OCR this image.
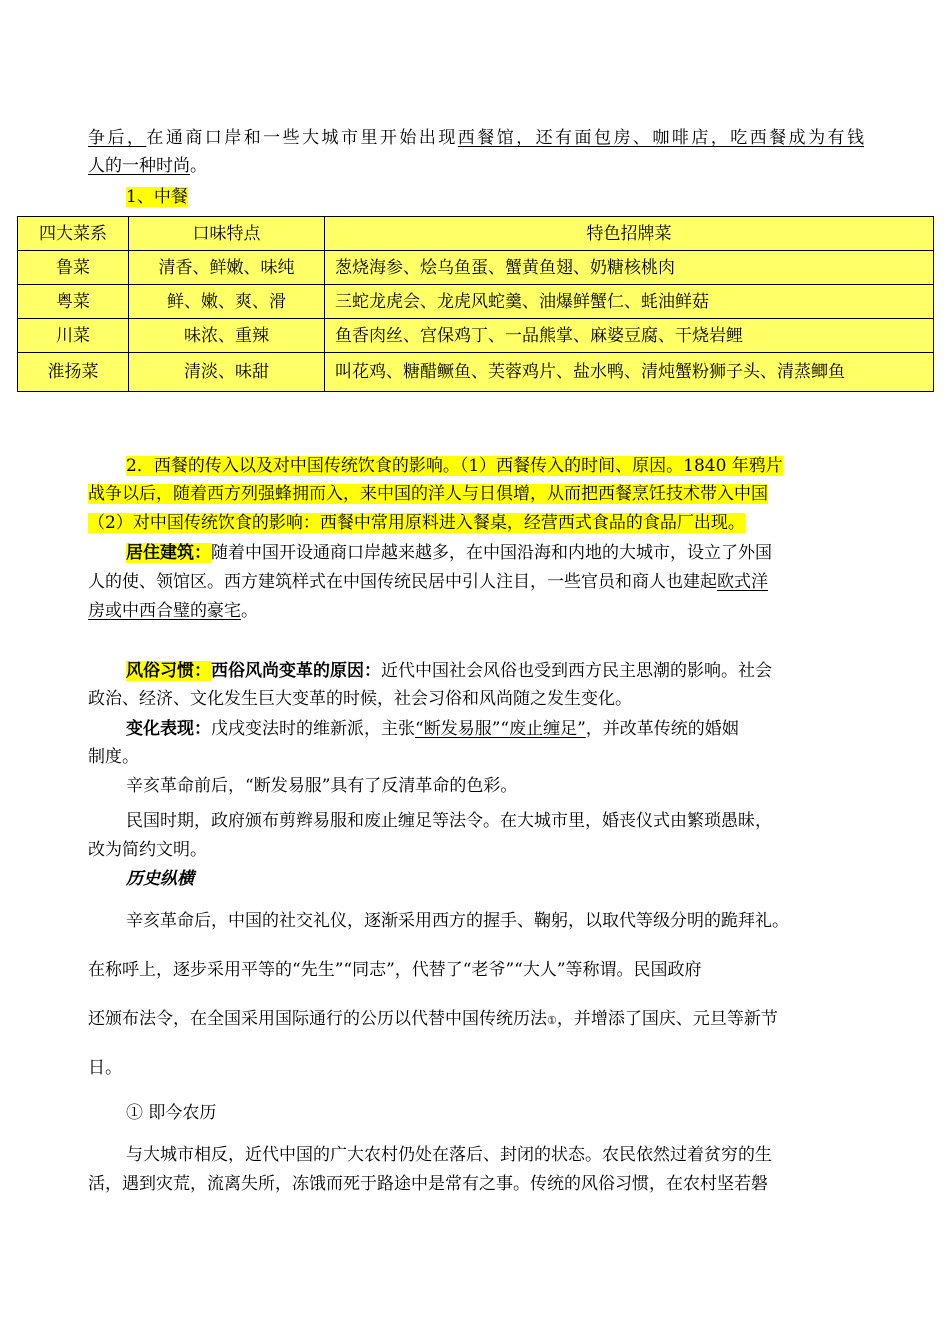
争后，在通商口岸和一些大城市里开始出现西餐馆，还有面包房、咖啡店，吃西餐成为有钱
人的一种时尚。
1、中餐
四大菜系	口味特点	特色招牌菜
鲁菜	清香、鲜嫩、味纯	葱烧海参、烩乌鱼蛋、蟹黄鱼翅、奶糖核桃肉
粤菜	鲜、嫩、爽、滑	三蛇龙虎会、龙虎风蛇羹、油爆鲜蟹仁、蚝油鲜菇
川菜	味浓、重辣	鱼香肉丝、宫保鸡丁、一品熊掌、麻婆豆腐、干烧岩鲤
淮扬菜	清淡、味甜	叫花鸡、糖醋鳜鱼、芙蓉鸡片、盐水鸭、清炖蟹粉狮子头、清蒸鲫鱼
2．西餐的传入以及对中国传统饮食的影响。（1）西餐传入的时间、原因。1840 年鸦片
战争以后，随着西方列强蜂拥而入，来中国的洋人与日俱增，从而把西餐烹饪技术带入中国
（2）对中国传统饮食的影响：西餐中常用原料进入餐桌，经营西式食品的食品厂出现。
居住建筑：随着中国开设通商口岸越来越多，在中国沿海和内地的大城市，设立了外国
人的使、领馆区。西方建筑样式在中国传统民居中引人注目，一些官员和商人也建起欧式洋
房或中西合璧的豪宅。
风俗习惯：西俗风尚变革的原因：近代中国社会风俗也受到西方民主思潮的影响。社会
政治、经济、文化发生巨大变革的时候，社会习俗和风尚随之发生变化。
变化表现：戊戌变法时的维新派，主张“断发易服”“废止缠足”，并改革传统的婚姻
制度。
辛亥革命前后，“断发易服”具有了反清革命的色彩。
民国时期，政府颁布剪辫易服和废止缠足等法令。在大城市里，婚丧仪式由繁琐愚昧，
改为简约文明。
历史纵横
辛亥革命后，中国的社交礼仪，逐渐采用西方的握手、鞠躬，以取代等级分明的跪拜礼。
在称呼上，逐步采用平等的“先生”“同志”，代替了“老爷”“大人”等称谓。民国政府
还颁布法令，在全国采用国际通行的公历以代替中国传统历法①，并增添了国庆、元旦等新节
日。
① 即今农历
与大城市相反，近代中国的广大农村仍处在落后、封闭的状态。农民依然过着贫穷的生
活，遇到灾荒，流离失所，冻饿而死于路途中是常有之事。传统的风俗习惯，在农村坚若磐
